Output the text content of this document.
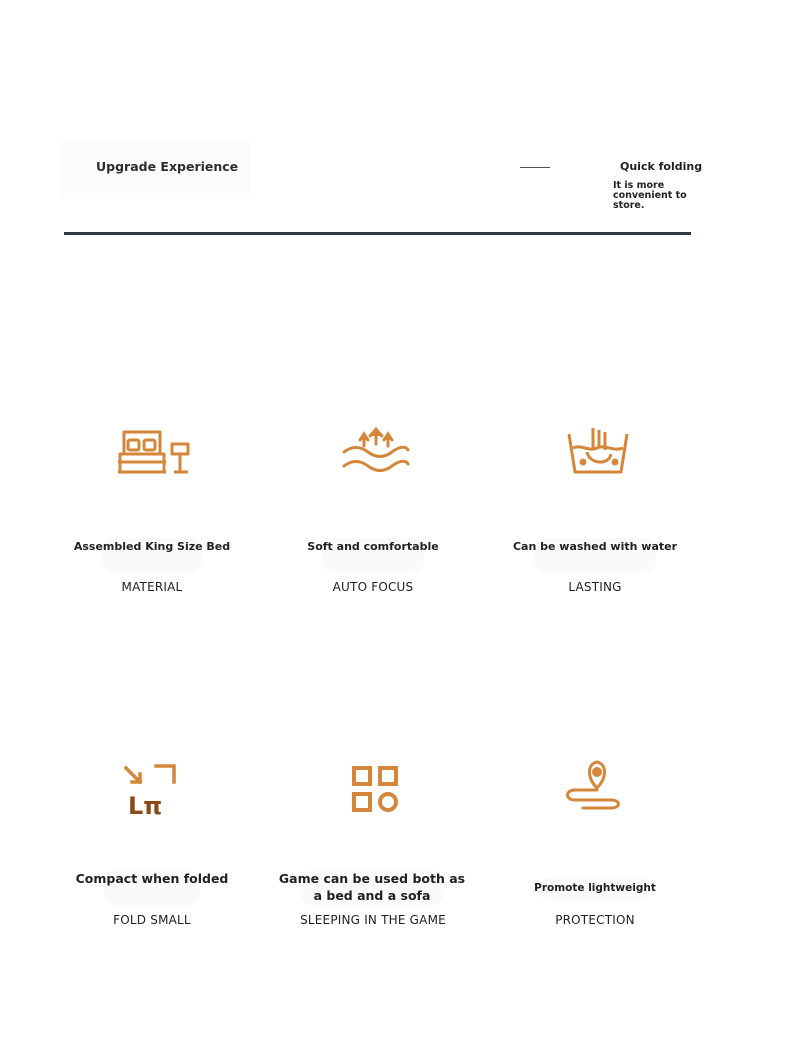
Upgrade Experience	Quick folding
It is more convenient to store.
Assembled King Size Bed
MATERIAL
Soft and comfortable
AUTO FOCUS
Can be washed with water
LASTING
Lπ
Compact when folded
FOLD SMALL
Game can be used both as a bed and a sofa
SLEEPING IN THE GAME
Promote lightweight
PROTECTION
